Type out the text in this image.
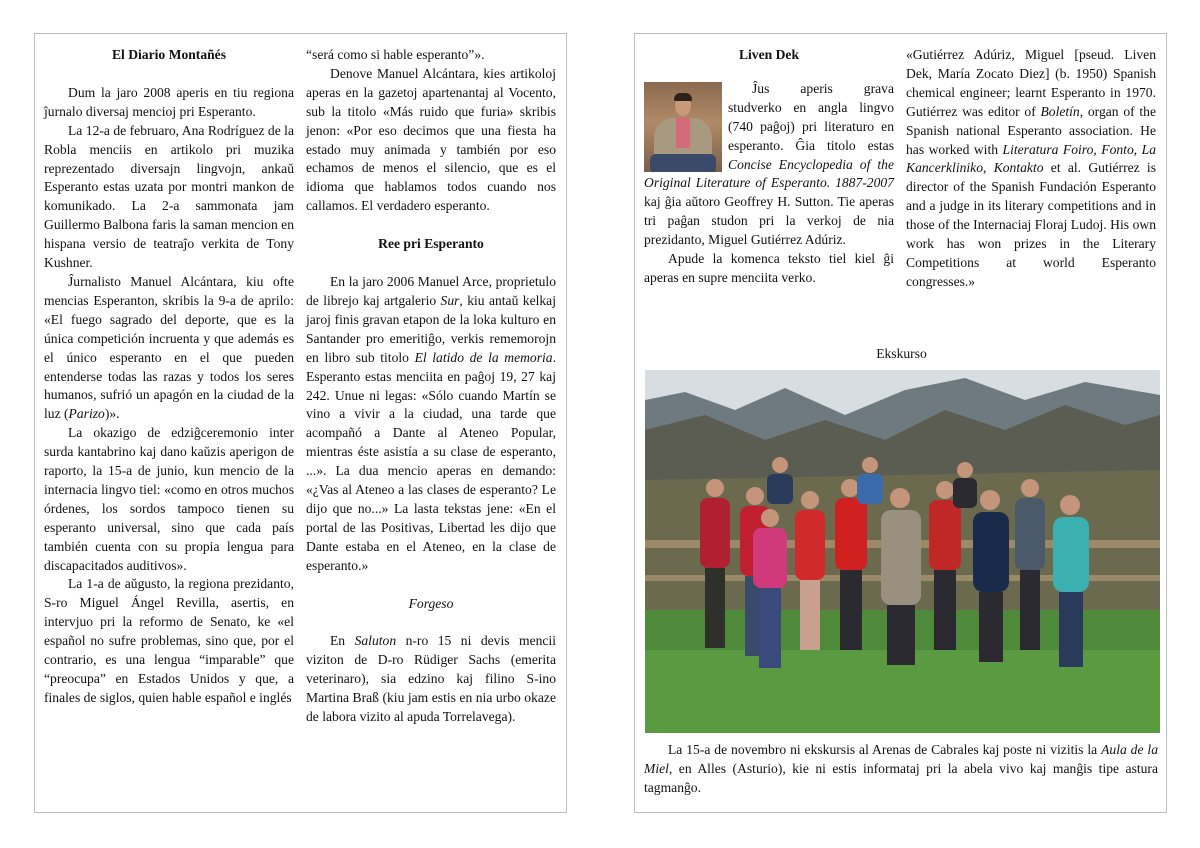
El Diario Montañés

Dum la jaro 2008 aperis en tiu regiona ĵurnalo diversaj mencioj pri Esperanto.

La 12-a de februaro, Ana Rodríguez de la Robla menciis en artikolo pri muzika reprezentado diversajn lingvojn, ankaŭ Esperanto estas uzata por montri mankon de komunikado. La 2-a sammonata jam Guillermo Balbona faris la saman mencion en hispana versio de teatraĵo verkita de Tony Kushner.

Ĵurnalisto Manuel Alcántara, kiu ofte mencias Esperanton, skribis la 9-a de aprilo: «El fuego sagrado del deporte, que es la única competición incruenta y que además es el único esperanto en el que pueden entenderse todas las razas y todos los seres humanos, sufrió un apagón en la ciudad de la luz (Parizo)».

La okazigo de edziĝceremonio inter surda kantabrino kaj dano kaŭzis aperigon de raporto, la 15-a de junio, kun mencio de la internacia lingvo tiel: «como en otros muchos órdenes, los sordos tampoco tienen su esperanto universal, sino que cada país también cuenta con su propia lengua para discapacitados auditivos».

La 1-a de aŭgusto, la regiona prezidanto, S-ro Miguel Ángel Revilla, asertis, en intervjuo pri la reformo de Senato, ke «el español no sufre problemas, sino que, por el contrario, es una lengua “imparable” que “preocupa” en Estados Unidos y que, a finales de siglos, quien hable español e inglés

“será como si hable esperanto”».

Denove Manuel Alcántara, kies artikoloj aperas en la gazetoj apartenantaj al Vocento, sub la titolo «Más ruido que furia» skribis jenon: «Por eso decimos que una fiesta ha estado muy animada y también por eso echamos de menos el silencio, que es el idioma que hablamos todos cuando nos callamos. El verdadero esperanto.

Ree pri Esperanto

En la jaro 2006 Manuel Arce, proprietulo de librejo kaj artgalerio Sur, kiu antaŭ kelkaj jaroj finis gravan etapon de la loka kulturo en Santander pro emeritiĝo, verkis rememorojn en libro sub titolo El latido de la memoria. Esperanto estas menciita en paĝoj 19, 27 kaj 242. Unue ni legas: «Sólo cuando Martín se vino a vivir a la ciudad, una tarde que acompañó a Dante al Ateneo Popular, mientras éste asistía a su clase de esperanto, ...». La dua mencio aperas en demando: «¿Vas al Ateneo a las clases de esperanto? Le dijo que no...» La lasta tekstas jene: «En el portal de las Positivas, Libertad les dijo que Dante estaba en el Ateneo, en la clase de esperanto.»

Forgeso

En Saluton n-ro 15 ni devis mencii viziton de D-ro Rüdiger Sachs (emerita veterinaro), sia edzino kaj filino S-ino Martina Braß (kiu jam estis en nia urbo okaze de labora vizito al apuda Torrelavega).

Liven Dek

Ĵus aperis grava studverko en angla lingvo (740 paĝoj) pri literaturo en esperanto. Ĝia titolo estas Concise Encyclopedia of the Original Literature of Esperanto. 1887-2007 kaj ĝia aŭtoro Geoffrey H. Sutton. Tie aperas tri paĝan studon pri la verkoj de nia prezidanto, Miguel Gutiérrez Adúriz.

Apude la komenca teksto tiel kiel ĝi aperas en supre menciita verko.

«Gutiérrez Adúriz, Miguel [pseud. Liven Dek, María Zocato Diez] (b. 1950) Spanish chemical engineer; learnt Esperanto in 1970. Gutiérrez was editor of Boletín, organ of the Spanish national Esperanto association. He has worked with Literatura Foiro, Fonto, La Kancerkliniko, Kontakto et al. Gutiérrez is director of the Spanish Fundación Esperanto and a judge in its literary competitions and in those of the Internaciaj Floraj Ludoj. His own work has won prizes in the Literary Competitions at world Esperanto congresses.»

Ekskurso

La 15-a de novembro ni ekskursis al Arenas de Cabrales kaj poste ni vizitis la Aula de la Miel, en Alles (Asturio), kie ni estis informataj pri la abela vivo kaj manĝis tipe astura tagmanĝo.
